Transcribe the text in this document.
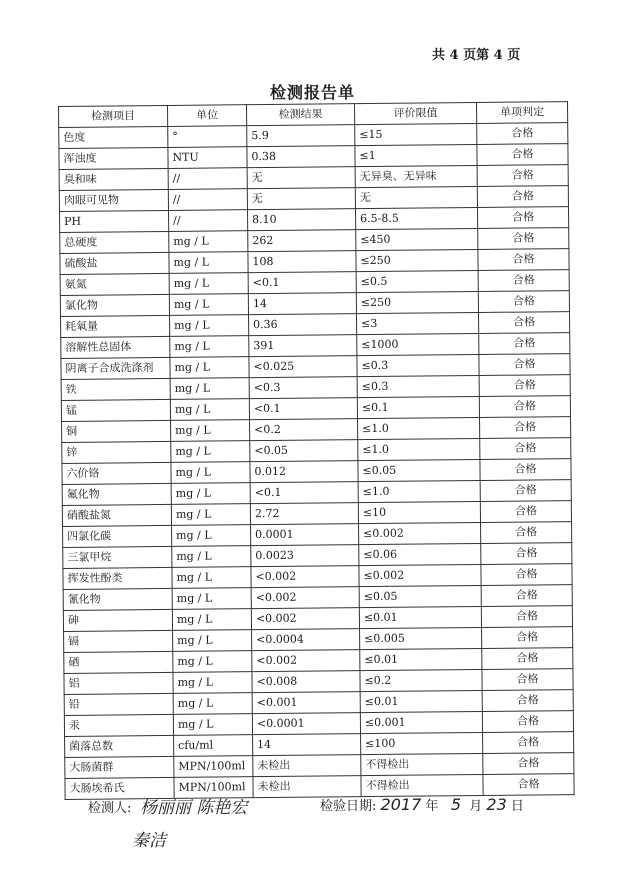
共 4 页第 4 页
检测报告单
检测项目	单位	检测结果	评价限值	单项判定
色度	°	5.9	≤15	合格
浑浊度	NTU	0.38	≤1	合格
臭和味	//	无	无异臭、无异味	合格
肉眼可见物	//	无	无	合格
PH	//	8.10	6.5-8.5	合格
总硬度	mg / L	262	≤450	合格
硫酸盐	mg / L	108	≤250	合格
氨氮	mg / L	<0.1	≤0.5	合格
氯化物	mg / L	14	≤250	合格
耗氧量	mg / L	0.36	≤3	合格
溶解性总固体	mg / L	391	≤1000	合格
阴离子合成洗涤剂	mg / L	<0.025	≤0.3	合格
铁	mg / L	<0.3	≤0.3	合格
锰	mg / L	<0.1	≤0.1	合格
铜	mg / L	<0.2	≤1.0	合格
锌	mg / L	<0.05	≤1.0	合格
六价铬	mg / L	0.012	≤0.05	合格
氟化物	mg / L	<0.1	≤1.0	合格
硝酸盐氮	mg / L	2.72	≤10	合格
四氯化碳	mg / L	0.0001	≤0.002	合格
三氯甲烷	mg / L	0.0023	≤0.06	合格
挥发性酚类	mg / L	<0.002	≤0.002	合格
氰化物	mg / L	<0.002	≤0.05	合格
砷	mg / L	<0.002	≤0.01	合格
镉	mg / L	<0.0004	≤0.005	合格
硒	mg / L	<0.002	≤0.01	合格
铝	mg / L	<0.008	≤0.2	合格
铅	mg / L	<0.001	≤0.01	合格
汞	mg / L	<0.0001	≤0.001	合格
菌落总数	cfu/ml	14	≤100	合格
大肠菌群	MPN/100ml	未检出	不得检出	合格
大肠埃希氏	MPN/100ml	未检出	不得检出	合格
检测人: 杨丽丽 陈艳宏
秦洁
检验日期: 2017 年 5 月 23 日
